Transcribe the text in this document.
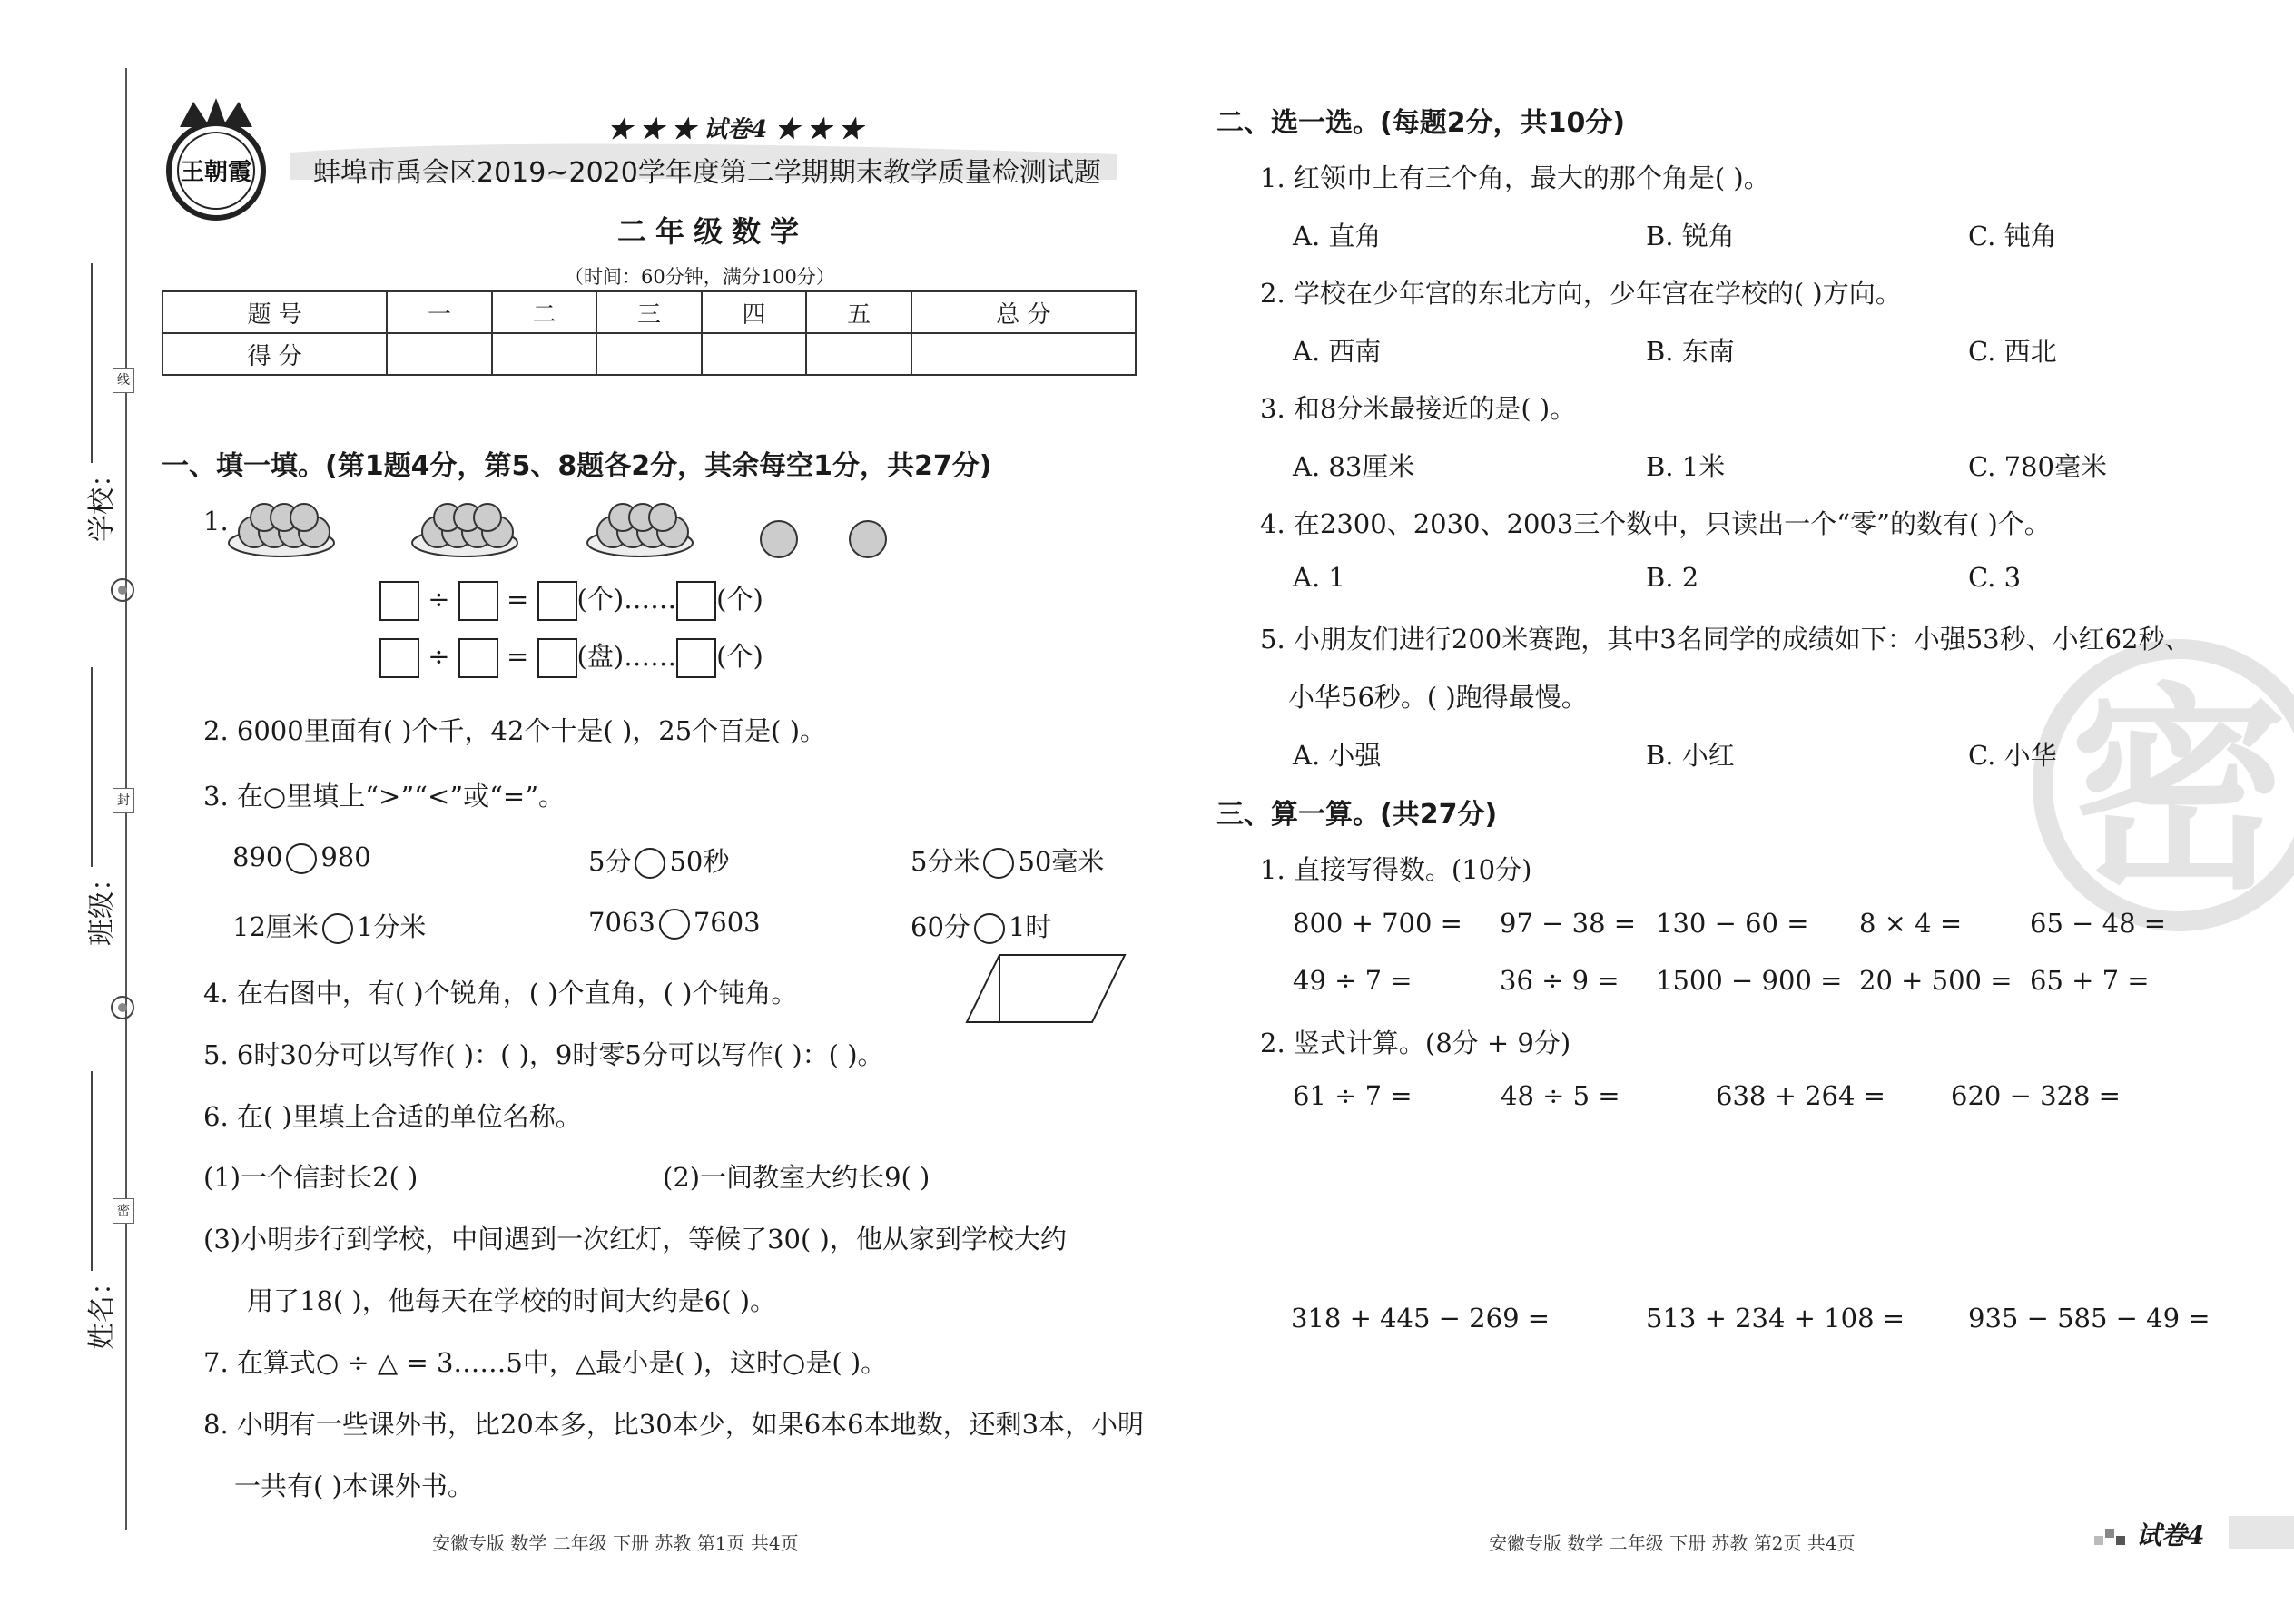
学校：
线
班级：
封
姓名：
密
王朝霞
★ ★ ★ 试卷4 ★ ★ ★
蚌埠市禹会区2019~2020学年度第二学期期末教学质量检测试题
二年级数学
（时间：60分钟，满分100分）
题 号	一	二	三	四	五	总 分
得 分						
一、填一填。(第1题4分，第5、8题各2分，其余每空1分，共27分)
1.
÷ = (个)…… (个)
÷ = (盘)…… (个)
2. 6000里面有( )个千，42个十是( )，25个百是( )。
3. 在○里填上“>”“<”或“=”。
890 980	5分 50秒	5分米 50毫米
12厘米 1分米	7063 7603	60分 1时
4. 在右图中，有( )个锐角，( )个直角，( )个钝角。
5. 6时30分可以写作( )：( )，9时零5分可以写作( )：( )。
6. 在( )里填上合适的单位名称。
(1)一个信封长2( )	(2)一间教室大约长9( )
(3)小明步行到学校，中间遇到一次红灯，等候了30( )，他从家到学校大约
用了18( )，他每天在学校的时间大约是6( )。
7. 在算式○ ÷ △ = 3……5中，△最小是( )，这时○是( )。
8. 小明有一些课外书，比20本多，比30本少，如果6本6本地数，还剩3本，小明
一共有( )本课外书。
安徽专版 数学 二年级 下册 苏教 第1页 共4页
密
二、选一选。(每题2分，共10分)
1. 红领巾上有三个角，最大的那个角是( )。
A. 直角	B. 锐角	C. 钝角
2. 学校在少年宫的东北方向，少年宫在学校的( )方向。
A. 西南	B. 东南	C. 西北
3. 和8分米最接近的是( )。
A. 83厘米	B. 1米	C. 780毫米
4. 在2300、2030、2003三个数中，只读出一个“零”的数有( )个。
A. 1	B. 2	C. 3
5. 小朋友们进行200米赛跑，其中3名同学的成绩如下：小强53秒、小红62秒、
小华56秒。( )跑得最慢。
A. 小强	B. 小红	C. 小华
三、算一算。(共27分)
1. 直接写得数。(10分)
800 + 700 = 97 − 38 = 130 − 60 = 8 × 4 =	65 − 48 =
49 ÷ 7 =	36 ÷ 9 = 1500 − 900 = 20 + 500 = 65 + 7 =
2. 竖式计算。(8分 + 9分)
61 ÷ 7 =	48 ÷ 5 =	638 + 264 = 620 − 328 =
318 + 445 − 269 =	513 + 234 + 108 = 935 − 585 − 49 =
安徽专版 数学 二年级 下册 苏教 第2页 共4页	试卷4
